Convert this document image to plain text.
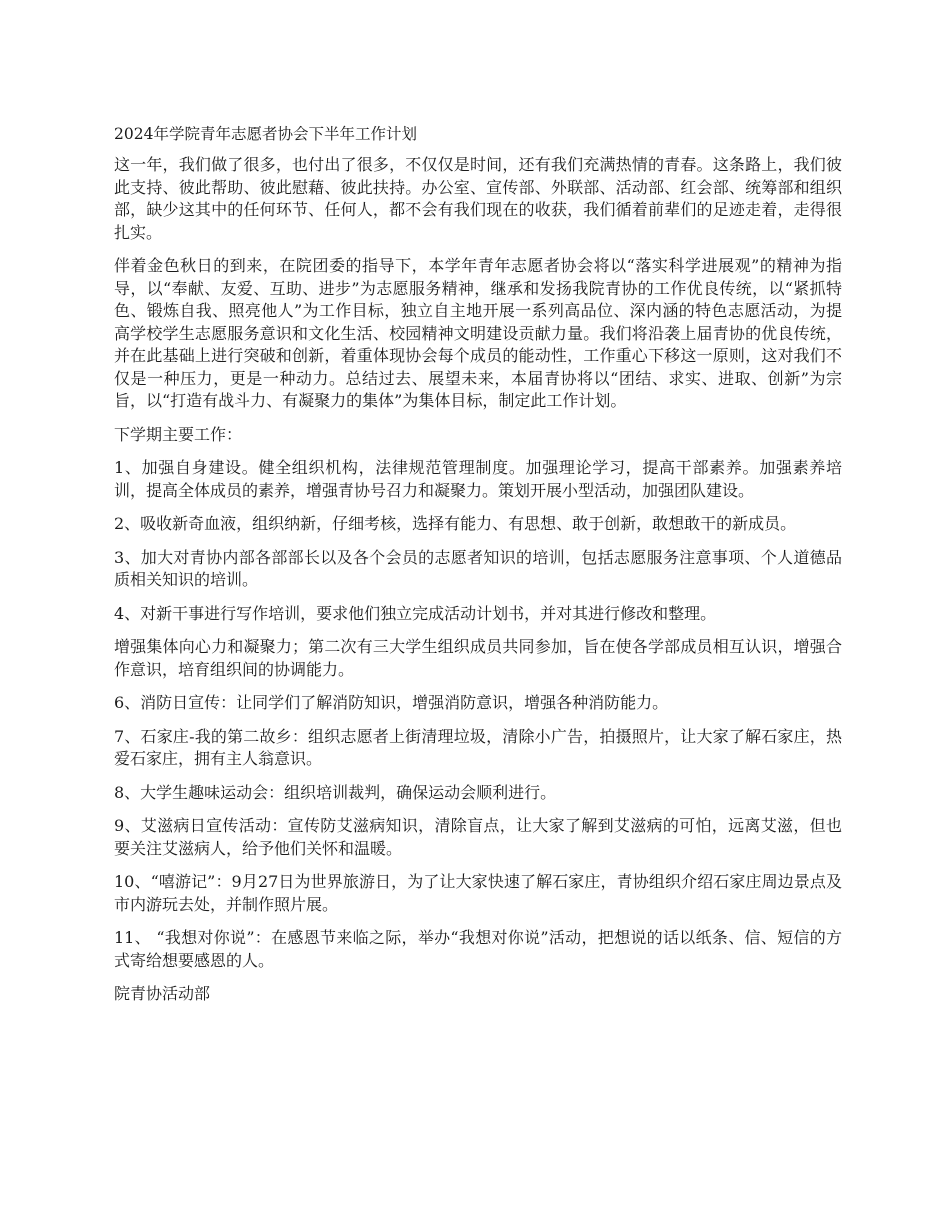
2024年学院青年志愿者协会下半年工作计划

这一年，我们做了很多，也付出了很多，不仅仅是时间，还有我们充满热情的青春。这条路上，我们彼此支持、彼此帮助、彼此慰藉、彼此扶持。办公室、宣传部、外联部、活动部、红会部、统筹部和组织部，缺少这其中的任何环节、任何人，都不会有我们现在的收获，我们循着前辈们的足迹走着，走得很扎实。

伴着金色秋日的到来，在院团委的指导下，本学年青年志愿者协会将以“落实科学进展观”的精神为指导，以“奉献、友爱、互助、进步”为志愿服务精神，继承和发扬我院青协的工作优良传统，以“紧抓特色、锻炼自我、照亮他人”为工作目标，独立自主地开展一系列高品位、深内涵的特色志愿活动，为提高学校学生志愿服务意识和文化生活、校园精神文明建设贡献力量。我们将沿袭上届青协的优良传统，并在此基础上进行突破和创新，着重体现协会每个成员的能动性，工作重心下移这一原则，这对我们不仅是一种压力，更是一种动力。总结过去、展望未来，本届青协将以“团结、求实、进取、创新”为宗旨，以“打造有战斗力、有凝聚力的集体”为集体目标，制定此工作计划。

下学期主要工作：

1、加强自身建设。健全组织机构，法律规范管理制度。加强理论学习，提高干部素养。加强素养培训，提高全体成员的素养，增强青协号召力和凝聚力。策划开展小型活动，加强团队建设。

2、吸收新奇血液，组织纳新，仔细考核，选择有能力、有思想、敢于创新，敢想敢干的新成员。

3、加大对青协内部各部部长以及各个会员的志愿者知识的培训，包括志愿服务注意事项、个人道德品质相关知识的培训。

4、对新干事进行写作培训，要求他们独立完成活动计划书，并对其进行修改和整理。

增强集体向心力和凝聚力；第二次有三大学生组织成员共同参加，旨在使各学部成员相互认识，增强合作意识，培育组织间的协调能力。

6、消防日宣传：让同学们了解消防知识，增强消防意识，增强各种消防能力。

7、石家庄-我的第二故乡：组织志愿者上街清理垃圾，清除小广告，拍摄照片，让大家了解石家庄，热爱石家庄，拥有主人翁意识。

8、大学生趣味运动会：组织培训裁判，确保运动会顺利进行。

9、艾滋病日宣传活动：宣传防艾滋病知识，清除盲点，让大家了解到艾滋病的可怕，远离艾滋，但也要关注艾滋病人，给予他们关怀和温暖。

10、“嘻游记”：9月27日为世界旅游日，为了让大家快速了解石家庄，青协组织介绍石家庄周边景点及市内游玩去处，并制作照片展。

11、 “我想对你说”：在感恩节来临之际，举办“我想对你说”活动，把想说的话以纸条、信、短信的方式寄给想要感恩的人。

院青协活动部
